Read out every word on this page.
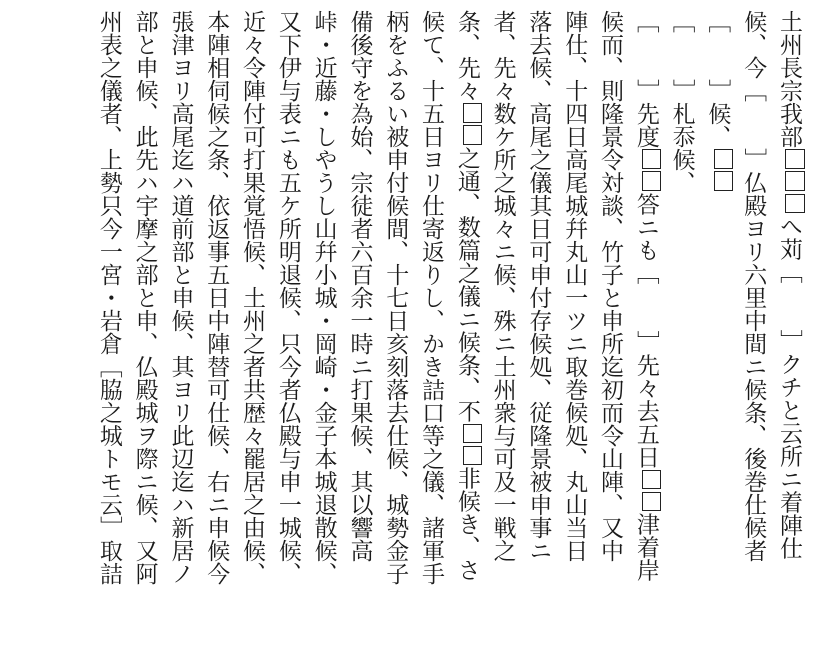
土州長宗我部へ苅［　　］クチと云所ニ着陣仕
候、今［　　］仏殿ヨリ六里中間ニ候条、後巻仕候者
［　　］候、
［　　］札忝候、
［　　］先度答ニも［　　］先々去五日津着岸
候而、則隆景令対談、竹子と申所迄初而令山陣、又中
陣仕、十四日高尾城幷丸山一ツニ取巻候処、丸山当日
落去候、高尾之儀其日可申付存候処、従隆景被申事ニ
者、先々数ケ所之城々ニ候、殊ニ土州衆与可及一戦之
条、先々之通、数篇之儀ニ候条、不非候き、さ
候て、十五日ヨリ仕寄返りし、かき詰口等之儀、諸軍手
柄をふるい被申付候間、十七日亥刻落去仕候、城勢金子
備後守を為始、宗徒者六百余一時ニ打果候、其以響高
峠・近藤・しやうし山幷小城・岡崎・金子本城退散候、
又下伊与表ニも五ケ所明退候、只今者仏殿与申一城候、
近々令陣付可打果覚悟候、土州之者共歴々罷居之由候、
本陣相伺候之条、依返事五日中陣替可仕候、右ニ申候今
張津ヨリ高尾迄ハ道前部と申候、其ヨリ此辺迄ハ新居ノ
部と申候、此先ハ宇摩之部と申、仏殿城ヲ際ニ候、又阿
州表之儀者、上勢只今一宮・岩倉［脇之城トモ云］取詰
